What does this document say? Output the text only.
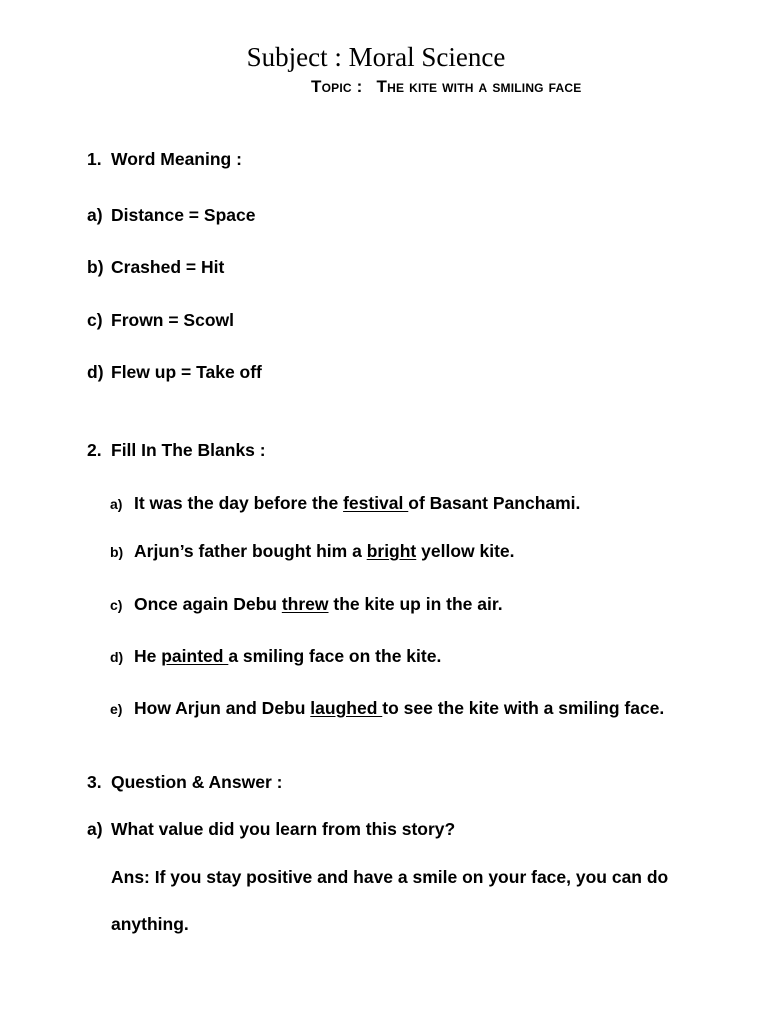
Subject : Moral Science
Topic : The kite with a smiling face
1. Word Meaning :
a) Distance = Space
b) Crashed = Hit
c) Frown = Scowl
d) Flew up = Take off
2. Fill In The Blanks :
a) It was the day before the festival of Basant Panchami.
b) Arjun’s father bought him a bright yellow kite.
c) Once again Debu threw the kite up in the air.
d) He painted a smiling face on the kite.
e) How Arjun and Debu laughed to see the kite with a smiling face.
3. Question & Answer :
a) What value did you learn from this story?
Ans: If you stay positive and have a smile on your face, you can do
anything.
